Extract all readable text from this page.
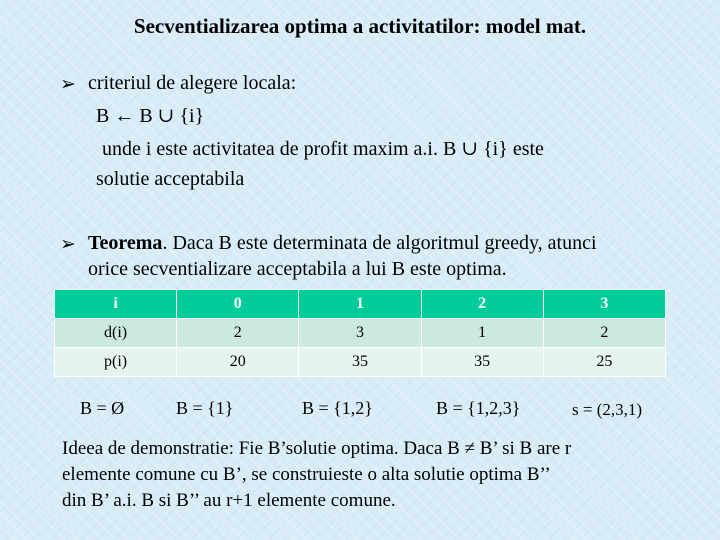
Secventializarea optima a activitatilor: model mat.
➢ criteriul de alegere locala:
B ← B ∪ {i}
unde i este activitatea de profit maxim a.i. B ∪ {i} este
solutie acceptabila
➢ Teorema. Daca B este determinata de algoritmul greedy, atunci
orice secventializare acceptabila a lui B este optima.
i	0	1	2	3
d(i)	2	3	1	2
p(i)	20	35	35	25
B = Ø	B = {1}	B = {1,2}	B = {1,2,3}	s = (2,3,1)
Ideea de demonstratie: Fie B’solutie optima. Daca B ≠ B’ si B are r
elemente comune cu B’, se construieste o alta solutie optima B’’
din B’ a.i. B si B’’ au r+1 elemente comune.
